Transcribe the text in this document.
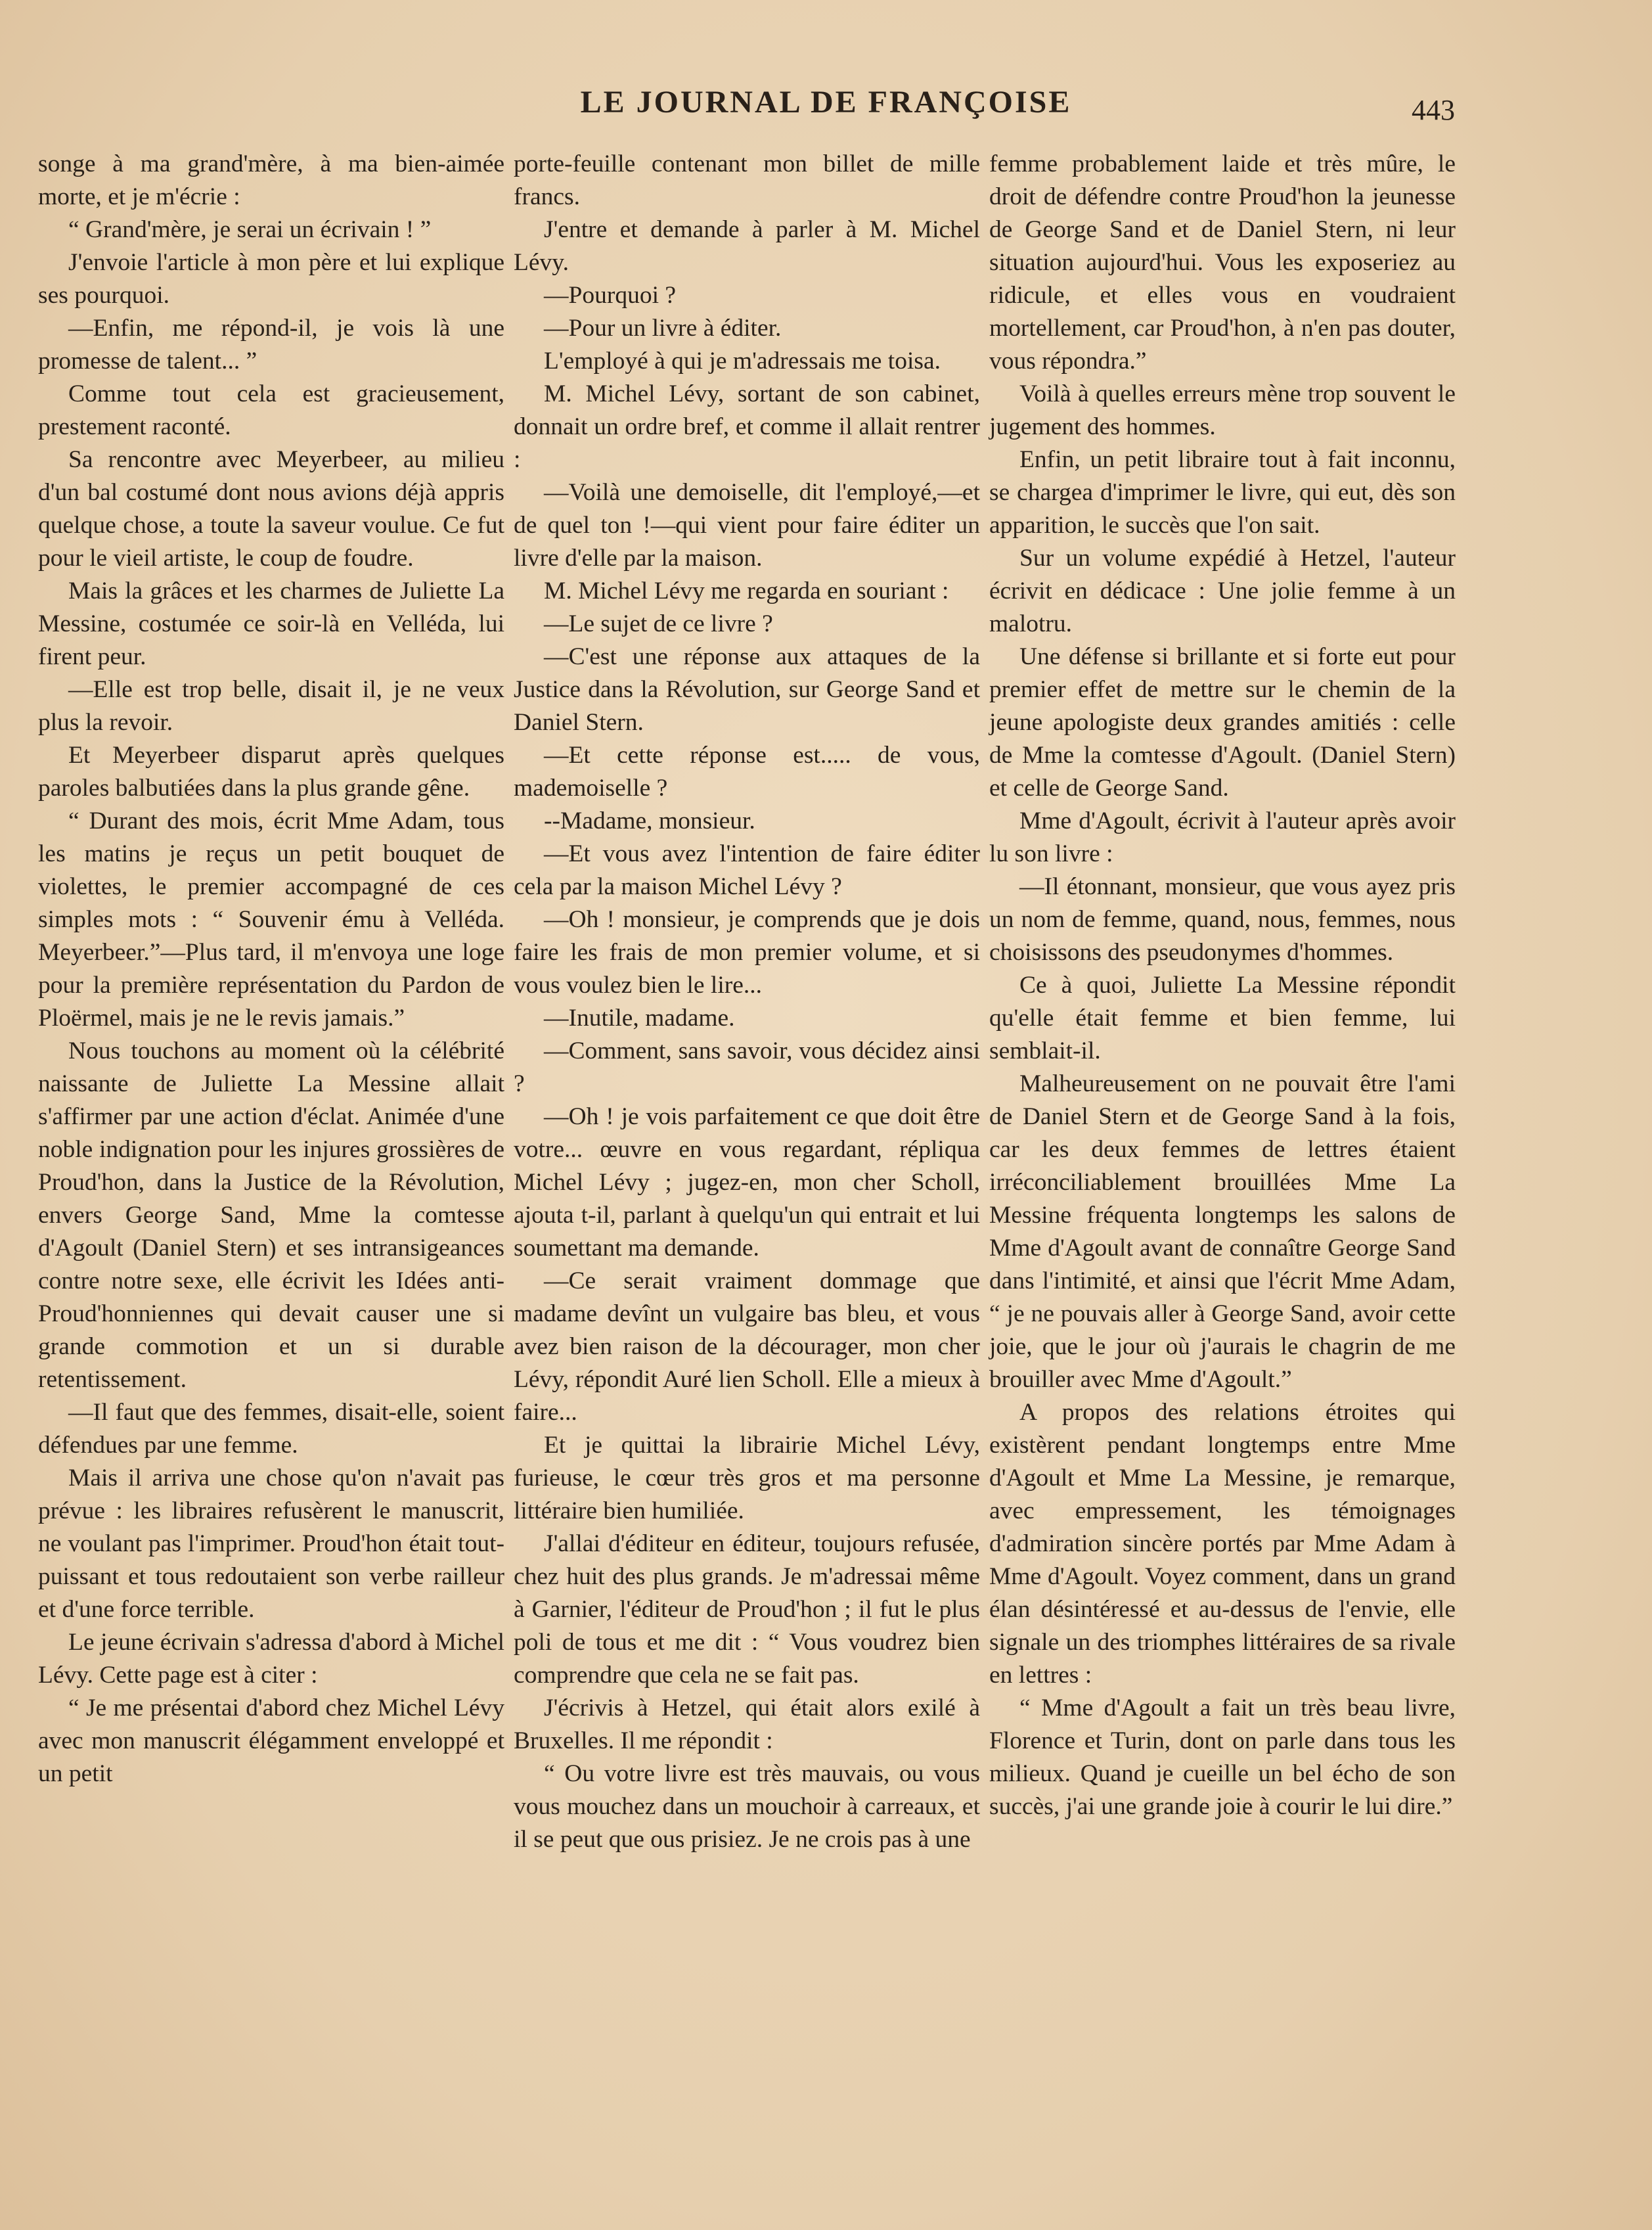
LE JOURNAL DE FRANÇOISE	443

songe à ma grand'mère, à ma bien-aimée morte, et je m'écrie :

“ Grand'mère, je serai un écrivain ! ”

J'envoie l'article à mon père et lui explique ses pourquoi.

—Enfin, me répond-il, je vois là une promesse de talent... ”

Comme tout cela est gracieusement, prestement raconté.

Sa rencontre avec Meyerbeer, au milieu d'un bal costumé dont nous avions déjà appris quelque chose, a toute la saveur voulue. Ce fut pour le vieil artiste, le coup de foudre.

Mais la grâces et les charmes de Juliette La Messine, costumée ce soir-là en Velléda, lui firent peur.

—Elle est trop belle, disait il, je ne veux plus la revoir.

Et Meyerbeer disparut après quelques paroles balbutiées dans la plus grande gêne.

“ Durant des mois, écrit Mme Adam, tous les matins je reçus un petit bouquet de violettes, le premier accompagné de ces simples mots : “ Souvenir ému à Velléda. Meyerbeer.”—Plus tard, il m'envoya une loge pour la première représentation du Pardon de Ploërmel, mais je ne le revis jamais.”

Nous touchons au moment où la célébrité naissante de Juliette La Messine allait s'affirmer par une action d'éclat. Animée d'une noble indignation pour les injures grossières de Proud'hon, dans la Justice de la Révolution, envers George Sand, Mme la comtesse d'Agoult (Daniel Stern) et ses intransigeances contre notre sexe, elle écrivit les Idées anti-Proud'honniennes qui devait causer une si grande commotion et un si durable retentissement.

—Il faut que des femmes, disait-elle, soient défendues par une femme.

Mais il arriva une chose qu'on n'avait pas prévue : les libraires refusèrent le manuscrit, ne voulant pas l'imprimer. Proud'hon était tout-puissant et tous redoutaient son verbe railleur et d'une force terrible.

Le jeune écrivain s'adressa d'abord à Michel Lévy. Cette page est à citer :

“ Je me présentai d'abord chez Michel Lévy avec mon manuscrit élégamment enveloppé et un petit

porte-feuille contenant mon billet de mille francs.

J'entre et demande à parler à M. Michel Lévy.

—Pourquoi ?

—Pour un livre à éditer.

L'employé à qui je m'adressais me toisa.

M. Michel Lévy, sortant de son cabinet, donnait un ordre bref, et comme il allait rentrer :

—Voilà une demoiselle, dit l'employé,—et de quel ton !—qui vient pour faire éditer un livre d'elle par la maison.

M. Michel Lévy me regarda en souriant :

—Le sujet de ce livre ?

—C'est une réponse aux attaques de la Justice dans la Révolution, sur George Sand et Daniel Stern.

—Et cette réponse est..... de vous, mademoiselle ?

--Madame, monsieur.

—Et vous avez l'intention de faire éditer cela par la maison Michel Lévy ?

—Oh ! monsieur, je comprends que je dois faire les frais de mon premier volume, et si vous voulez bien le lire...

—Inutile, madame.

—Comment, sans savoir, vous décidez ainsi ?

—Oh ! je vois parfaitement ce que doit être votre... œuvre en vous regardant, répliqua Michel Lévy ; jugez-en, mon cher Scholl, ajouta t-il, parlant à quelqu'un qui entrait et lui soumettant ma demande.

—Ce serait vraiment dommage que madame devînt un vulgaire bas bleu, et vous avez bien raison de la décourager, mon cher Lévy, répondit Auré lien Scholl. Elle a mieux à faire...

Et je quittai la librairie Michel Lévy, furieuse, le cœur très gros et ma personne littéraire bien humiliée.

J'allai d'éditeur en éditeur, toujours refusée, chez huit des plus grands. Je m'adressai même à Garnier, l'éditeur de Proud'hon ; il fut le plus poli de tous et me dit : “ Vous voudrez bien comprendre que cela ne se fait pas.

J'écrivis à Hetzel, qui était alors exilé à Bruxelles. Il me répondit :

“ Ou votre livre est très mauvais, ou vous vous mouchez dans un mouchoir à carreaux, et il se peut que ous prisiez. Je ne crois pas à une

femme probablement laide et très mûre, le droit de défendre contre Proud'hon la jeunesse de George Sand et de Daniel Stern, ni leur situation aujourd'hui. Vous les exposeriez au ridicule, et elles vous en voudraient mortellement, car Proud'hon, à n'en pas douter, vous répondra.”

Voilà à quelles erreurs mène trop souvent le jugement des hommes.

Enfin, un petit libraire tout à fait inconnu, se chargea d'imprimer le livre, qui eut, dès son apparition, le succès que l'on sait.

Sur un volume expédié à Hetzel, l'auteur écrivit en dédicace : Une jolie femme à un malotru.

Une défense si brillante et si forte eut pour premier effet de mettre sur le chemin de la jeune apologiste deux grandes amitiés : celle de Mme la comtesse d'Agoult. (Daniel Stern) et celle de George Sand.

Mme d'Agoult, écrivit à l'auteur après avoir lu son livre :

—Il étonnant, monsieur, que vous ayez pris un nom de femme, quand, nous, femmes, nous choisissons des pseudonymes d'hommes.

Ce à quoi, Juliette La Messine répondit qu'elle était femme et bien femme, lui semblait-il.

Malheureusement on ne pouvait être l'ami de Daniel Stern et de George Sand à la fois, car les deux femmes de lettres étaient irréconciliablement brouillées Mme La Messine fréquenta longtemps les salons de Mme d'Agoult avant de connaître George Sand dans l'intimité, et ainsi que l'écrit Mme Adam, “ je ne pouvais aller à George Sand, avoir cette joie, que le jour où j'aurais le chagrin de me brouiller avec Mme d'Agoult.”

A propos des relations étroites qui existèrent pendant longtemps entre Mme d'Agoult et Mme La Messine, je remarque, avec empressement, les témoignages d'admiration sincère portés par Mme Adam à Mme d'Agoult. Voyez comment, dans un grand élan désintéressé et au-dessus de l'envie, elle signale un des triomphes littéraires de sa rivale en lettres :

“ Mme d'Agoult a fait un très beau livre, Florence et Turin, dont on parle dans tous les milieux. Quand je cueille un bel écho de son succès, j'ai une grande joie à courir le lui dire.”
